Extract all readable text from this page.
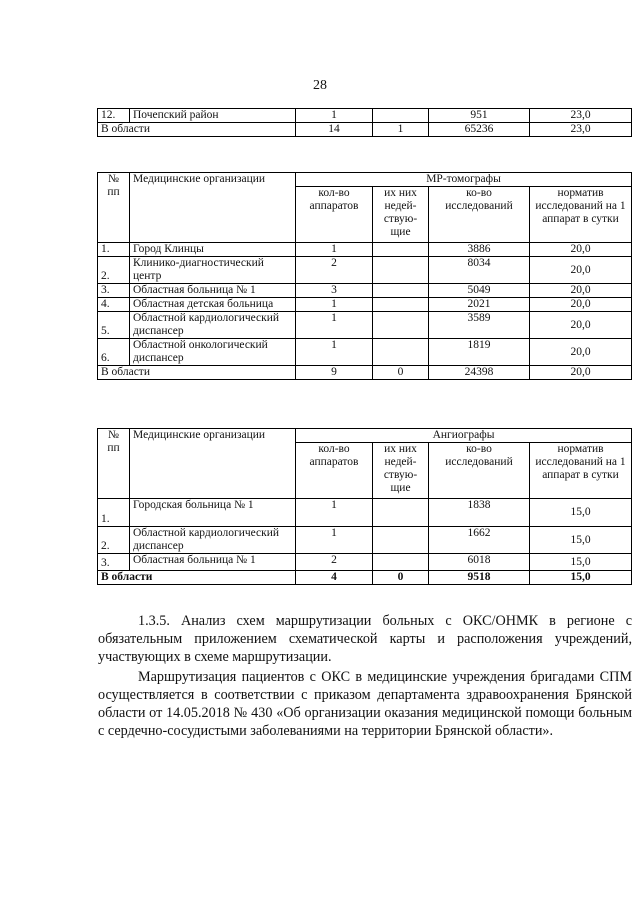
28
12.	Почепский район	1		951	23,0
В области		14	1	65236	23,0
№ пп	Медицинские организации	МР-томографы			
		кол-во аппаратов	их них недей-ствую-щие	ко-во исследований	норматив исследований на 1 аппарат в сутки
1.	Город Клинцы	1		3886	20,0
2.	Клинико-диагностический центр	2		8034	20,0
3.	Областная больница № 1	3		5049	20,0
4.	Областная детская больница	1		2021	20,0
5.	Областной кардиологический диспансер	1		3589	20,0
6.	Областной онкологический диспансер	1		1819	20,0
В области		9	0	24398	20,0
№ пп	Медицинские организации	Ангиографы			
		кол-во аппаратов	их них недей-ствую-щие	ко-во исследований	норматив исследований на 1 аппарат в сутки
1.	Городская больница № 1	1		1838	15,0
2.	Областной кардиологический диспансер	1		1662	15,0
3.	Областная больница № 1	2		6018	15,0
В области		4	0	9518	15,0

1.3.5. Анализ схем маршрутизации больных с ОКС/ОНМК в регионе с обязательным приложением схематической карты и расположения учреждений, участвующих в схеме маршрутизации.

Маршрутизация пациентов с ОКС в медицинские учреждения бригадами СПМ осуществляется в соответствии с приказом департамента здравоохранения Брянской области от 14.05.2018 № 430 «Об организации оказания медицинской помощи больным с сердечно-сосудистыми заболеваниями на территории Брянской области».
